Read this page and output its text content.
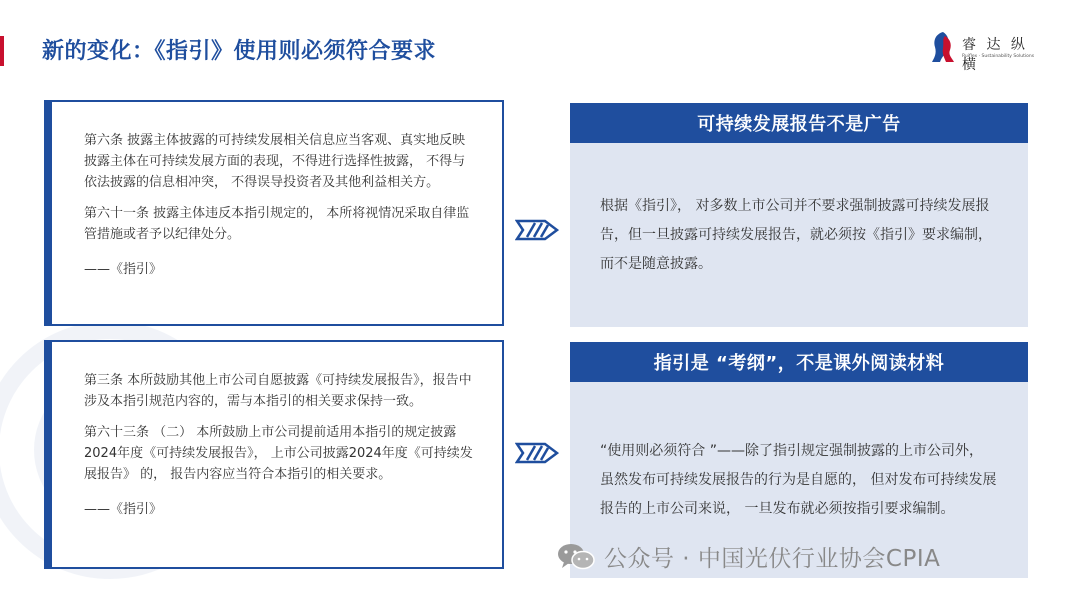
新的变化：《指引》使用则必须符合要求	睿 达 纵 横
Ruiflex · Sustainability Solutions

第六条 披露主体披露的可持续发展相关信息应当客观、真实地反映披露主体在可持续发展方面的表现，不得进行选择性披露， 不得与依法披露的信息相冲突， 不得误导投资者及其他利益相关方。

第六十一条 披露主体违反本指引规定的， 本所将视情况采取自律监管措施或者予以纪律处分。

——《指引》

第三条 本所鼓励其他上市公司自愿披露《可持续发展报告》，报告中涉及本指引规范内容的，需与本指引的相关要求保持一致。

第六十三条 （二） 本所鼓励上市公司提前适用本指引的规定披露2024年度《可持续发展报告》， 上市公司披露2024年度《可持续发展报告》 的， 报告内容应当符合本指引的相关要求。

——《指引》

可持续发展报告不是广告
根据《指引》， 对多数上市公司并不要求强制披露可持续发展报告，但一旦披露可持续发展报告，就必须按《指引》要求编制， 而不是随意披露。
指引是 “考纲”，不是课外阅读材料
“使用则必须符合 ”——除了指引规定强制披露的上市公司外， 虽然发布可持续发展报告的行为是自愿的， 但对发布可持续发展报告的上市公司来说， 一旦发布就必须按指引要求编制。
公众号 · 中国光伏行业协会CPIA
